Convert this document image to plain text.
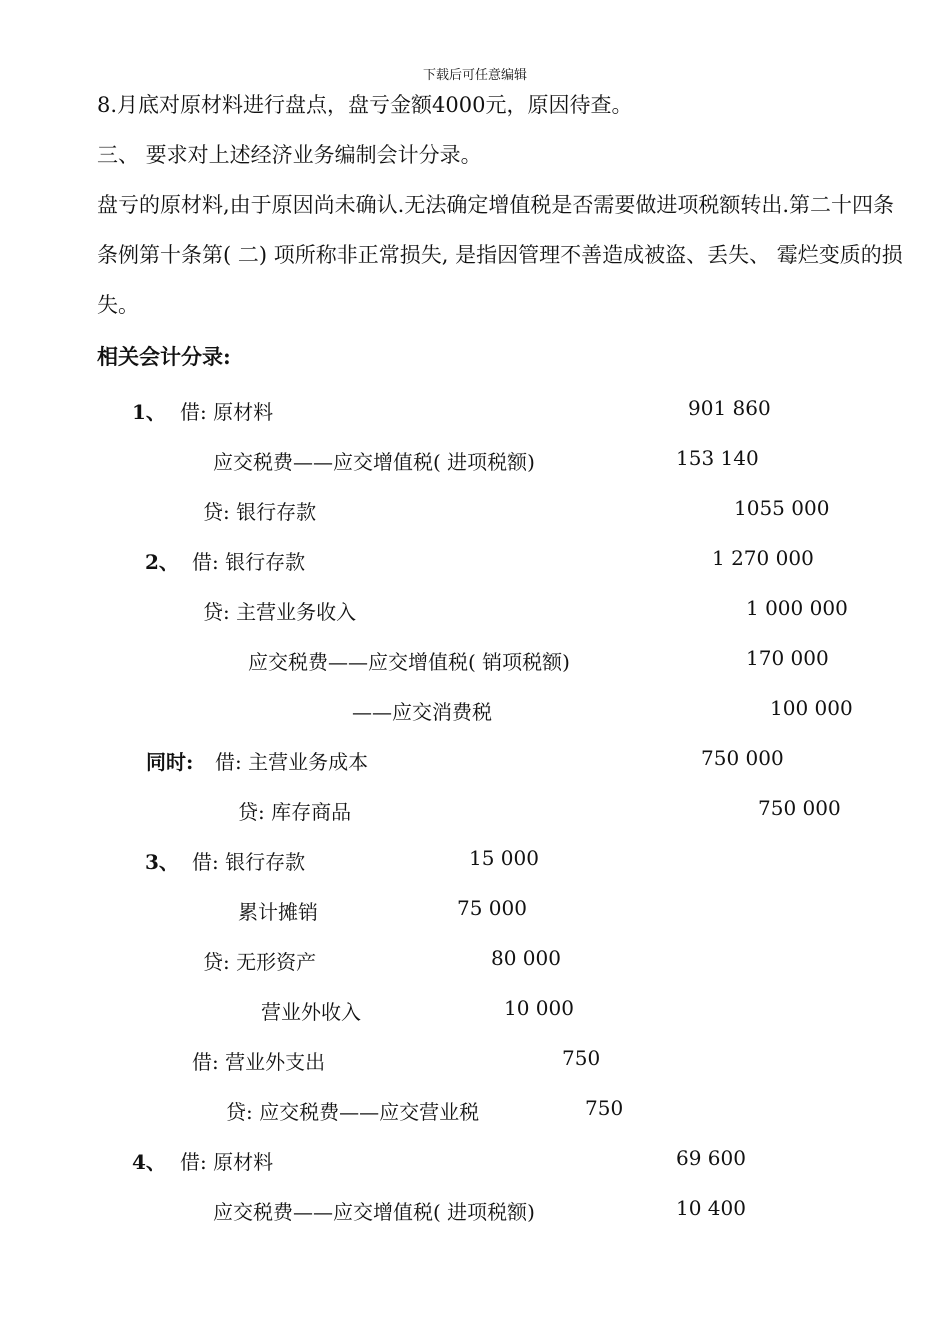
下载后可任意编辑

8.月底对原材料进行盘点，盘亏金额4000元，原因待查。

三、 要求对上述经济业务编制会计分录。

盘亏的原材料,由于原因尚未确认.无法确定增值税是否需要做进项税额转出.第二十四条 条例第十条第( 二) 项所称非正常损失, 是指因管理不善造成被盗、丢失、 霉烂变质的损失。

相关会计分录:

1、 借: 原材料	901 860
应交税费——应交增值税( 进项税额)	153 140
贷: 银行存款	1055 000
2、 借: 银行存款	1 270 000
贷: 主营业务收入	1 000 000
应交税费——应交增值税( 销项税额)	170 000
——应交消费税	100 000
同时: 借: 主营业务成本	750 000
贷: 库存商品	750 000
3、 借: 银行存款	15 000
累计摊销	75 000
贷: 无形资产	80 000
营业外收入	10 000
借: 营业外支出	750
贷: 应交税费——应交营业税	750
4、 借: 原材料	69 600
应交税费——应交增值税( 进项税额)	10 400
